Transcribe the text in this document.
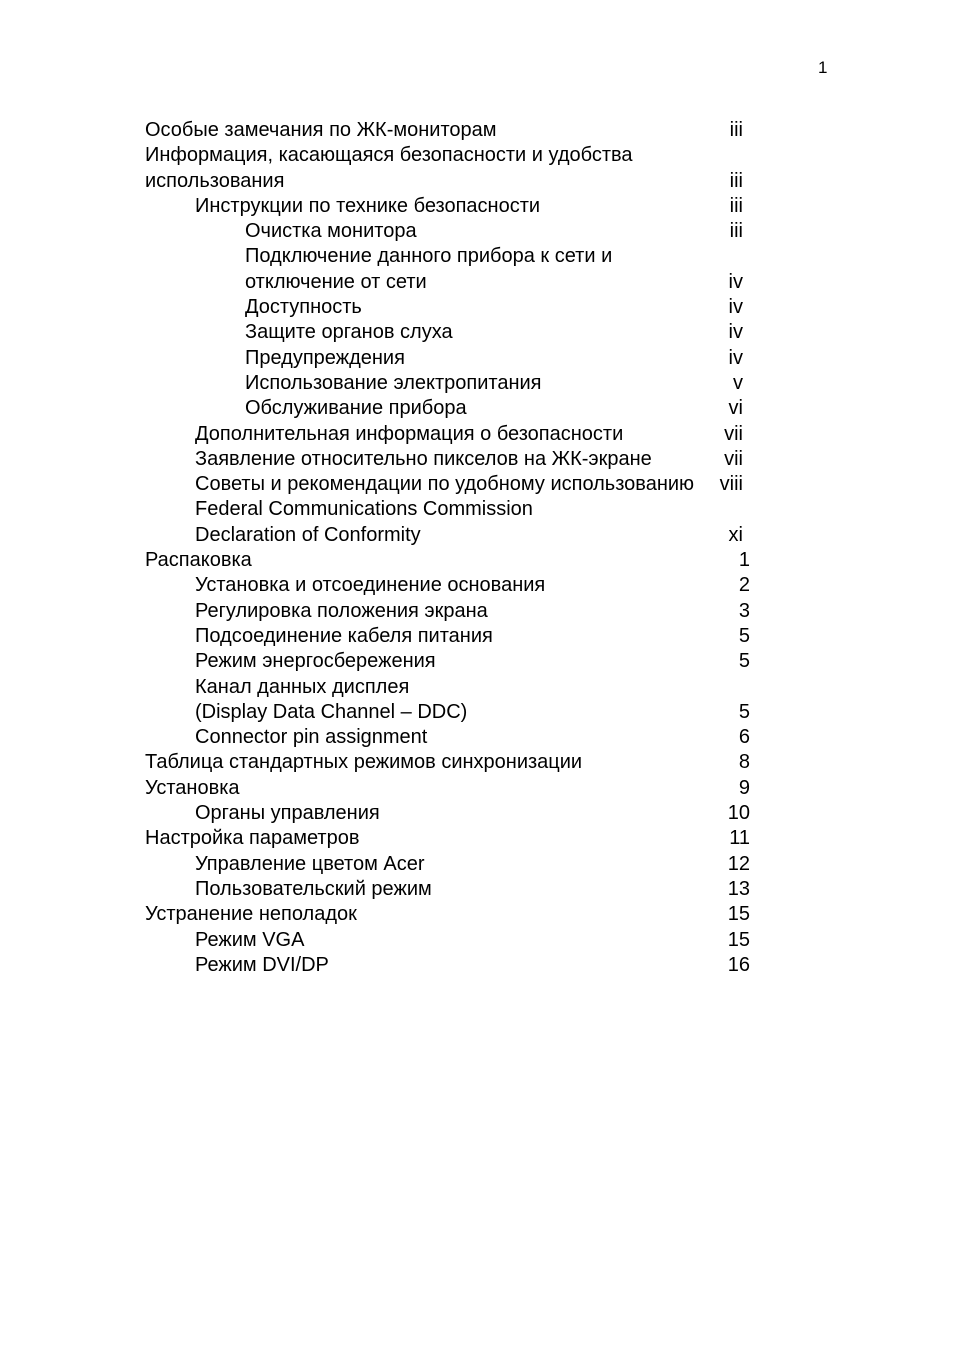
1
Особые замечания по ЖК-мониторам	iii
Информация, касающаяся безопасности и удобства
использования	iii
Инструкции по технике безопасности	iii
Очистка монитора	iii
Подключение данного прибора к сети и
отключение от сети	iv
Доступность	iv
Защите органов слуха	iv
Предупреждения	iv
Использование электропитания	v
Обслуживание прибора	vi
Дополнительная информация о безопасности	vii
Заявление относительно пикселов на ЖК-экране	vii
Советы и рекомендации по удобному использованию viii
Federal Communications Commission
Declaration of Conformity	xi
Распаковка	1
Установка и отсоединение основания	2
Регулировка положения экрана	3
Подсоединение кабеля питания	5
Режим энергосбережения	5
Канал данных дисплея
(Display Data Channel – DDC)	5
Connector pin assignment	6
Таблица стандартных режимов синхронизации	8
Установка	9
Органы управления	10
Настройка параметров	11
Управление цветом Acer	12
Пользовательский режим	13
Устранение неполадок	15
Режим VGA	15
Режим DVI/DP	16
